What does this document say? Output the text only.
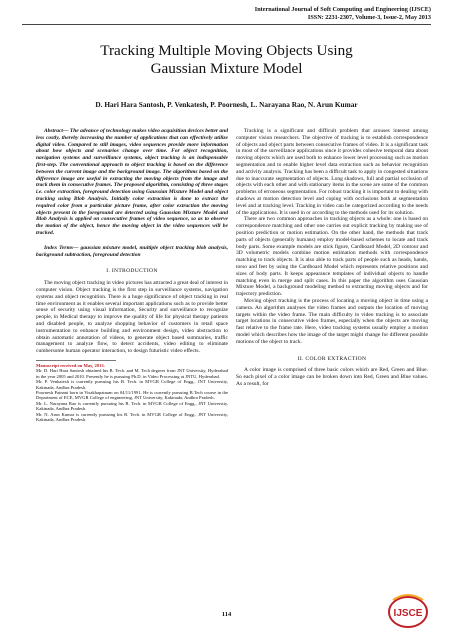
International Journal of Soft Computing and Engineering (IJSCE)
ISSN: 2231-2307, Volume-3, Issue-2, May 2013
Tracking Multiple Moving Objects Using
Gaussian Mixture Model
D. Hari Hara Santosh, P. Venkatesh, P. Poornesh, L. Narayana Rao, N. Arun Kumar

Abstract— The advance of technology makes video acquisition devices better and less costly, thereby increasing the number of applications that can effectively utilize digital video. Compared to still images, video sequences provide more information about how objects and scenarios change over time. For object recognition, navigation systems and surveillance systems, object tracking is an indispensable first-step. The conventional approach to object tracking is based on the difference between the current image and the background image. The algorithms based on the difference image are useful in extracting the moving objects from the image and track them in consecutive frames. The proposed algorithm, consisting of three stages i.e. color extraction, foreground detection using Gaussian Mixture Model and object tracking using Blob Analysis. Initially color extraction is done to extract the required color from a particular picture frame, after color extraction the moving objects present in the foreground are detected using Gaussian Mixture Model and Blob Analysis is applied on consecutive frames of video sequence, so as to observe the motion of the object, hence the moving object in the video sequences will be tracked.

Index Terms— gaussian mixture model, multiple object tracking blob analysis, background subtraction, foreground detection

I. INTRODUCTION

The moving object tracking in video pictures has attracted a great deal of interest in computer vision. Object tracking is the first step in surveillance systems, navigation systems and object recognition. There is a huge significance of object tracking in real time environment as it enables several important applications such as to provide better sense of security using visual information, Security and surveillance to recognize people, in Medical therapy to improve the quality of life for physical therapy patients and disabled people, to analyze shopping behavior of customers in retail space instrumentation to enhance building and environment design, video abstraction to obtain automatic annotation of videos, to generate object based summaries, traffic management to analyze flow, to detect accidents, video editing to eliminate cumbersome human operator interaction, to design futuristic video effects.

Manuscript received on May, 2013.

Mr. D. Hari Hara Santosh obtained his B. Tech. and M. Tech degrees from JNT University, Hyderabad in the year 2005 and 2010. Presently he is pursuing Ph.D. in Video Processing at JNTU, Hyderabad.

Mr. P. Venkatesh is currently pursuing his B. Tech. in MVGR College of Engg., JNT University, Kakinada, Andhra Pradesh.

Poornesh Patnani born in Visakhapatnam on 04/11/1991. He is currently pursuing B.Tech course in the Department of ECE, MVGR College of engineering, JNT University, Kakinada, Andhra Pradesh.

Mr. L. Narayana Rao is currently pursuing his B. Tech. in MVGR College of Engg., JNT University, Kakinada, Andhra Pradesh.

Mr. N. Arun Kumar is currently pursuing his B. Tech. in MVGR College of Engg., JNT University, Kakinada, Andhra Pradesh.

Tracking is a significant and difficult problem that arouses interest among computer vision researchers. The objective of tracking is to establish correspondence of objects and object parts between consecutive frames of video. It is a significant task in most of the surveillance applications since it provides cohesive temporal data about moving objects which are used both to enhance lower level processing such as motion segmentation and to enable higher level data extraction such as behavior recognition and activity analysis. Tracking has been a difficult task to apply in congested situations due to inaccurate segmentation of objects. Long shadows, full and partial occlusion of objects with each other and with stationary items in the scene are some of the common problems of erroneous segmentation. For robust tracking it is important to dealing with shadows at motion detection level and coping with occlusions both at segmentation level and at tracking level. Tracking in video can be categorized according to the needs of the applications. It is used in or according to the methods used for its solution.

There are two common approaches in tracking objects as a whole: one is based on correspondence matching and other one carries out explicit tracking by making use of position prediction or motion estimation. On the other hand, the methods that track parts of objects (generally humans) employ model-based schemes to locate and track body parts. Some example models are stick figure, Cardboard Model, 2D contour and 3D volumetric models combine motion estimation methods with correspondence matching to track objects. It is also able to track parts of people such as heads, hands, torso and feet by using the Cardboard Model which represents relative positions and sizes of body parts. It keeps appearance templates of individual objects to handle matching even in merge and split cases. In this paper the algorithm uses Gaussian Mixture Model, a background modeling method to extracting moving objects and for trajectory prediction.

Moving object tracking is the process of locating a moving object in time using a camera. An algorithm analyses the video frames and outputs the location of moving targets within the video frame. The main difficulty in video tracking is to associate target locations in consecutive video frames, especially when the objects are moving fast relative to the frame rate. Here, video tracking systems usually employ a motion model which describes how the image of the target might change for different possible motions of the object to track.

II. COLOR EXTRACTION

A color image is comprised of three basic colors which are Red, Green and Blue. So each pixel of a color image can be broken down into Red, Green and Blue values. As a result, for

114	IJSCE
